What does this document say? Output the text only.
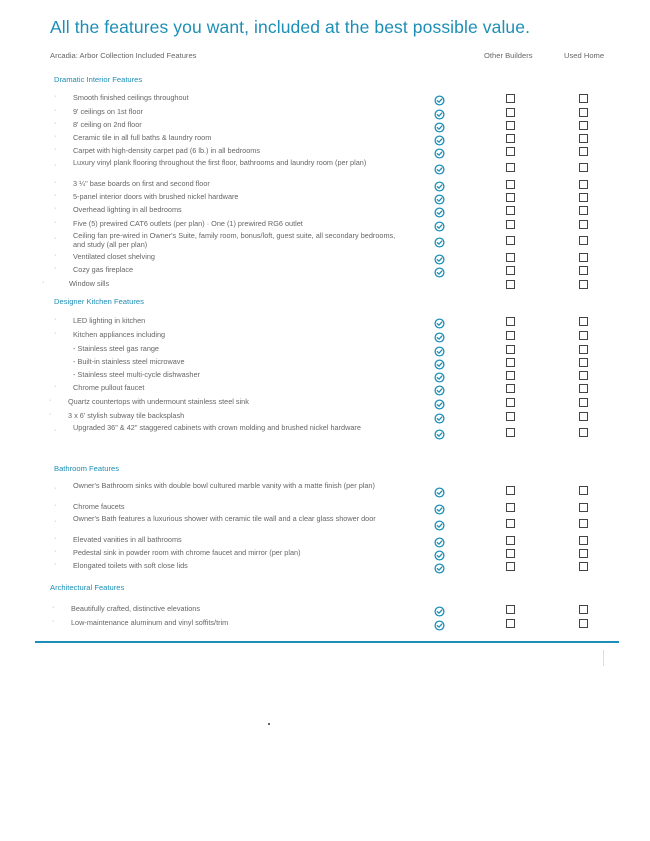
All the features you want, included at the best possible value.
Arcadia: Arbor Collection Included Features	Other Builders	Used Home
Dramatic Interior Features
· Smooth finished ceilings throughout
· 9' ceilings on 1st floor
· 8' ceiling on 2nd floor
· Ceramic tile in all full baths & laundry room
· Carpet with high-density carpet pad (6 lb.) in all bedrooms
· Luxury vinyl plank flooring throughout the first floor, bathrooms and laundry room (per plan)
· 3 ¼" base boards on first and second floor
· 5-panel interior doors with brushed nickel hardware
· Overhead lighting in all bedrooms
· Five (5) prewired CAT6 outlets (per plan) · One (1) prewired RG6 outlet
· Ceiling fan pre-wired in Owner's Suite, family room, bonus/loft, guest suite, all secondary bedrooms, and study (all per plan)
· Ventilated closet shelving
· Cozy gas fireplace
·	Window sills
Designer Kitchen Features
· LED lighting in kitchen
· Kitchen appliances including
- Stainless steel gas range
- Built-in stainless steel microwave
- Stainless steel multi-cycle dishwasher
· Chrome pullout faucet
· Quartz countertops with undermount stainless steel sink
· 3 x 6' stylish subway tile backsplash
· Upgraded 36" & 42" staggered cabinets with crown molding and brushed nickel hardware
Bathroom Features
· Owner's Bathroom sinks with double bowl cultured marble vanity with a matte finish (per plan)
· Chrome faucets
· Owner's Bath features a luxurious shower with ceramic tile wall and a clear glass shower door
· Elevated vanities in all bathrooms
· Pedestal sink in powder room with chrome faucet and mirror (per plan)
· Elongated toilets with soft close lids
Architectural Features
· Beautifully crafted, distinctive elevations
· Low-maintenance aluminum and vinyl soffits/trim
